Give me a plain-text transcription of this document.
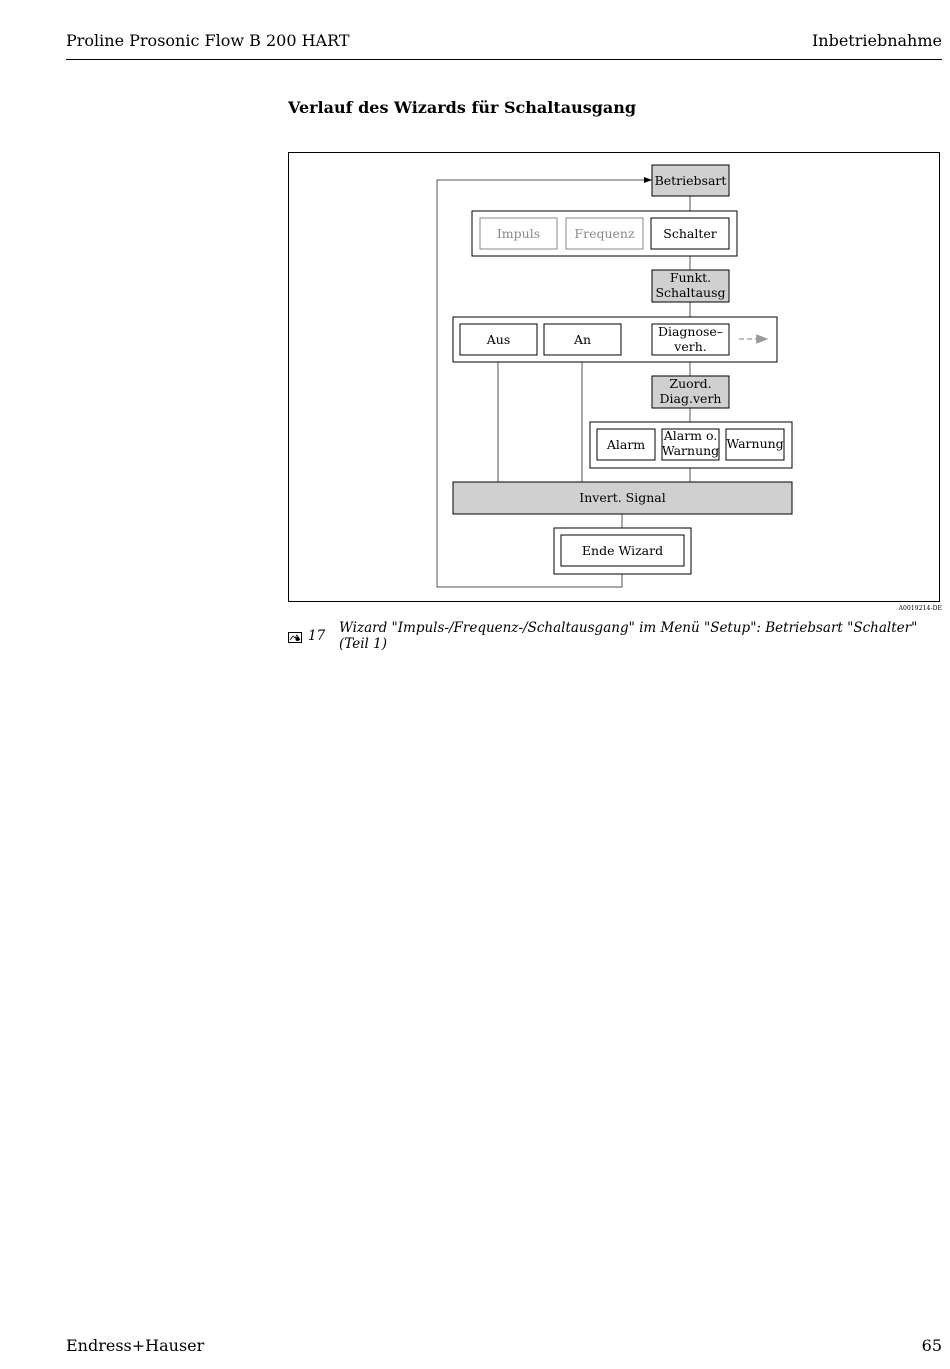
Proline Prosonic Flow B 200 HART	Inbetriebnahme
Verlauf des Wizards für Schaltausgang
Betriebsart
Impuls	Frequenz Schalter
Funkt.
Schaltausg
Aus	An
Diagnose–
verh.
Zuord.
Diag.verh
Alarm
Alarm o.
Warnung Warnung
Invert. Signal
Ende Wizard
A0019214-DE
17	Wizard "Impuls-/Frequenz-/Schaltausgang" im Menü "Setup": Betriebsart "Schalter" (Teil 1)
Endress+Hauser	65
